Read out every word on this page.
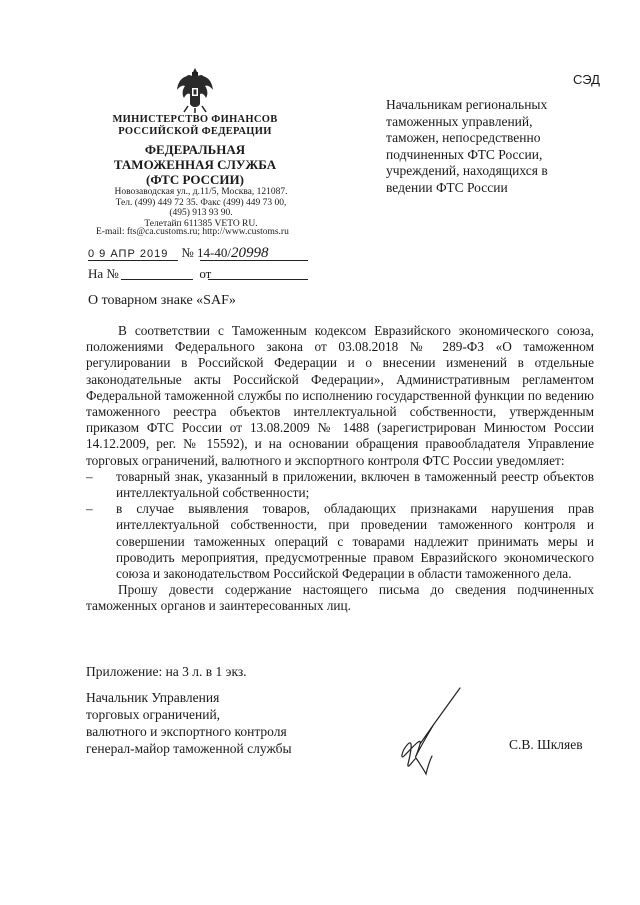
МИНИСТЕРСТВО ФИНАНСОВ
РОССИЙСКОЙ ФЕДЕРАЦИИ
ФЕДЕРАЛЬНАЯ
ТАМОЖЕННАЯ СЛУЖБА
(ФТС РОССИИ)
Новозаводская ул., д.11/5, Москва, 121087.
Тел. (499) 449 72 35. Факс (499) 449 73 00,
(495) 913 93 90.
Телетайп 611385 VETO RU.
E-mail: fts@ca.customs.ru; http://www.customs.ru
0 9 АПР 2019 № 14-40/20998
На №	от
СЭД
Начальникам региональных таможенных управлений, таможен, непосредственно подчиненных ФТС России, учреждений, находящихся в ведении ФТС России
О товарном знаке «SAF»

В соответствии с Таможенным кодексом Евразийского экономического союза, положениями Федерального закона от 03.08.2018 № 289-ФЗ «О таможенном регулировании в Российской Федерации и о внесении изменений в отдельные законодательные акты Российской Федерации», Административным регламентом Федеральной таможенной службы по исполнению государственной функции по ведению таможенного реестра объектов интеллектуальной собственности, утвержденным приказом ФТС России от 13.08.2009 № 1488 (зарегистрирован Минюстом России 14.12.2009, рег. № 15592), и на основании обращения правообладателя Управление торговых ограничений, валютного и экспортного контроля ФТС России уведомляет:

– товарный знак, указанный в приложении, включен в таможенный реестр объектов интеллектуальной собственности;

– в случае выявления товаров, обладающих признаками нарушения прав интеллектуальной собственности, при проведении таможенного контроля и совершении таможенных операций с товарами надлежит принимать меры и проводить мероприятия, предусмотренные правом Евразийского экономического союза и законодательством Российской Федерации в области таможенного дела.

Прошу довести содержание настоящего письма до сведения подчиненных таможенных органов и заинтересованных лиц.

Приложение: на 3 л. в 1 экз.
Начальник Управления
торговых ограничений,
валютного и экспортного контроля
генерал-майор таможенной службы	С.В. Шкляев
